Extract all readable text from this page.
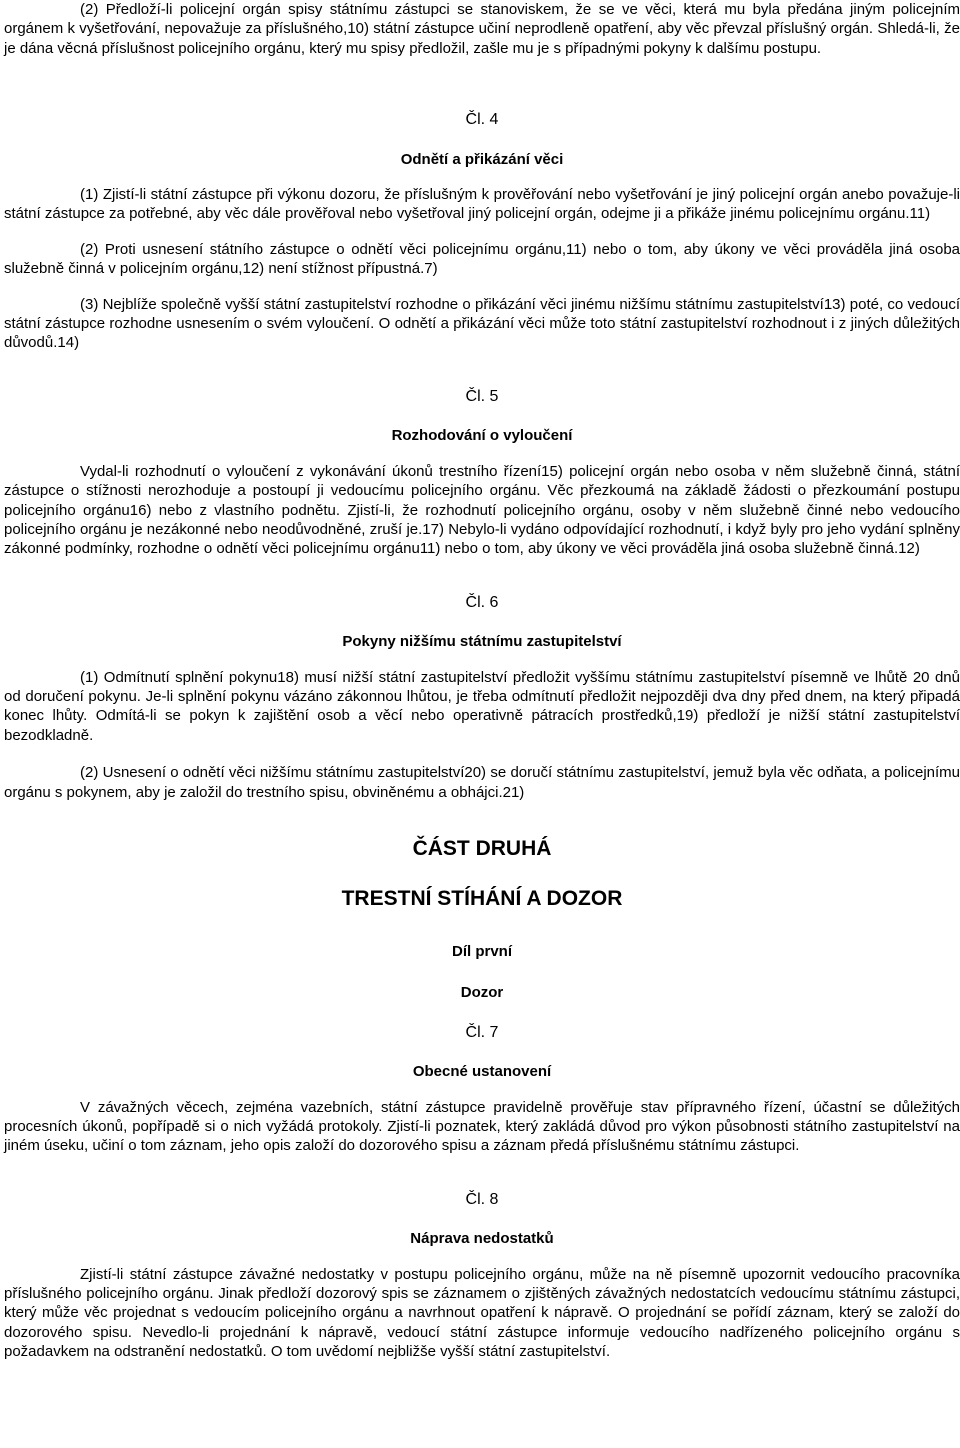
(2) Předloží-li policejní orgán spisy státnímu zástupci se stanoviskem, že se ve věci, která mu byla předána jiným policejním orgánem k vyšetřování, nepovažuje za příslušného,10) státní zástupce učiní neprodleně opatření, aby věc převzal příslušný orgán. Shledá-li, že je dána věcná příslušnost policejního orgánu, který mu spisy předložil, zašle mu je s případnými pokyny k dalšímu postupu.

Čl. 4
Odnětí a přikázání věci

(1) Zjistí-li státní zástupce při výkonu dozoru, že příslušným k prověřování nebo vyšetřování je jiný policejní orgán anebo považuje-li státní zástupce za potřebné, aby věc dále prověřoval nebo vyšetřoval jiný policejní orgán, odejme ji a přikáže jinému policejnímu orgánu.11)

(2) Proti usnesení státního zástupce o odnětí věci policejnímu orgánu,11) nebo o tom, aby úkony ve věci prováděla jiná osoba služebně činná v policejním orgánu,12) není stížnost přípustná.7)

(3) Nejblíže společně vyšší státní zastupitelství rozhodne o přikázání věci jinému nižšímu státnímu zastupitelství13) poté, co vedoucí státní zástupce rozhodne usnesením o svém vyloučení. O odnětí a přikázání věci může toto státní zastupitelství rozhodnout i z jiných důležitých důvodů.14)

Čl. 5
Rozhodování o vyloučení

Vydal-li rozhodnutí o vyloučení z vykonávání úkonů trestního řízení15) policejní orgán nebo osoba v něm služebně činná, státní zástupce o stížnosti nerozhoduje a postoupí ji vedoucímu policejního orgánu. Věc přezkoumá na základě žádosti o přezkoumání postupu policejního orgánu16) nebo z vlastního podnětu. Zjistí-li, že rozhodnutí policejního orgánu, osoby v něm služebně činné nebo vedoucího policejního orgánu je nezákonné nebo neodůvodněné, zruší je.17) Nebylo-li vydáno odpovídající rozhodnutí, i když byly pro jeho vydání splněny zákonné podmínky, rozhodne o odnětí věci policejnímu orgánu11) nebo o tom, aby úkony ve věci prováděla jiná osoba služebně činná.12)

Čl. 6
Pokyny nižšímu státnímu zastupitelství

(1) Odmítnutí splnění pokynu18) musí nižší státní zastupitelství předložit vyššímu státnímu zastupitelství písemně ve lhůtě 20 dnů od doručení pokynu. Je-li splnění pokynu vázáno zákonnou lhůtou, je třeba odmítnutí předložit nejpozději dva dny před dnem, na který připadá konec lhůty. Odmítá-li se pokyn k zajištění osob a věcí nebo operativně pátracích prostředků,19) předloží je nižší státní zastupitelství bezodkladně.

(2) Usnesení o odnětí věci nižšímu státnímu zastupitelství20) se doručí státnímu zastupitelství, jemuž byla věc odňata, a policejnímu orgánu s pokynem, aby je založil do trestního spisu, obviněnému a obhájci.21)

ČÁST DRUHÁ
TRESTNÍ STÍHÁNÍ A DOZOR
Díl první
Dozor
Čl. 7
Obecné ustanovení

V závažných věcech, zejména vazebních, státní zástupce pravidelně prověřuje stav přípravného řízení, účastní se důležitých procesních úkonů, popřípadě si o nich vyžádá protokoly. Zjistí-li poznatek, který zakládá důvod pro výkon působnosti státního zastupitelství na jiném úseku, učiní o tom záznam, jeho opis založí do dozorového spisu a záznam předá příslušnému státnímu zástupci.

Čl. 8
Náprava nedostatků

Zjistí-li státní zástupce závažné nedostatky v postupu policejního orgánu, může na ně písemně upozornit vedoucího pracovníka příslušného policejního orgánu. Jinak předloží dozorový spis se záznamem o zjištěných závažných nedostatcích vedoucímu státnímu zástupci, který může věc projednat s vedoucím policejního orgánu a navrhnout opatření k nápravě. O projednání se pořídí záznam, který se založí do dozorového spisu. Nevedlo-li projednání k nápravě, vedoucí státní zástupce informuje vedoucího nadřízeného policejního orgánu s požadavkem na odstranění nedostatků. O tom uvědomí nejbližše vyšší státní zastupitelství.
